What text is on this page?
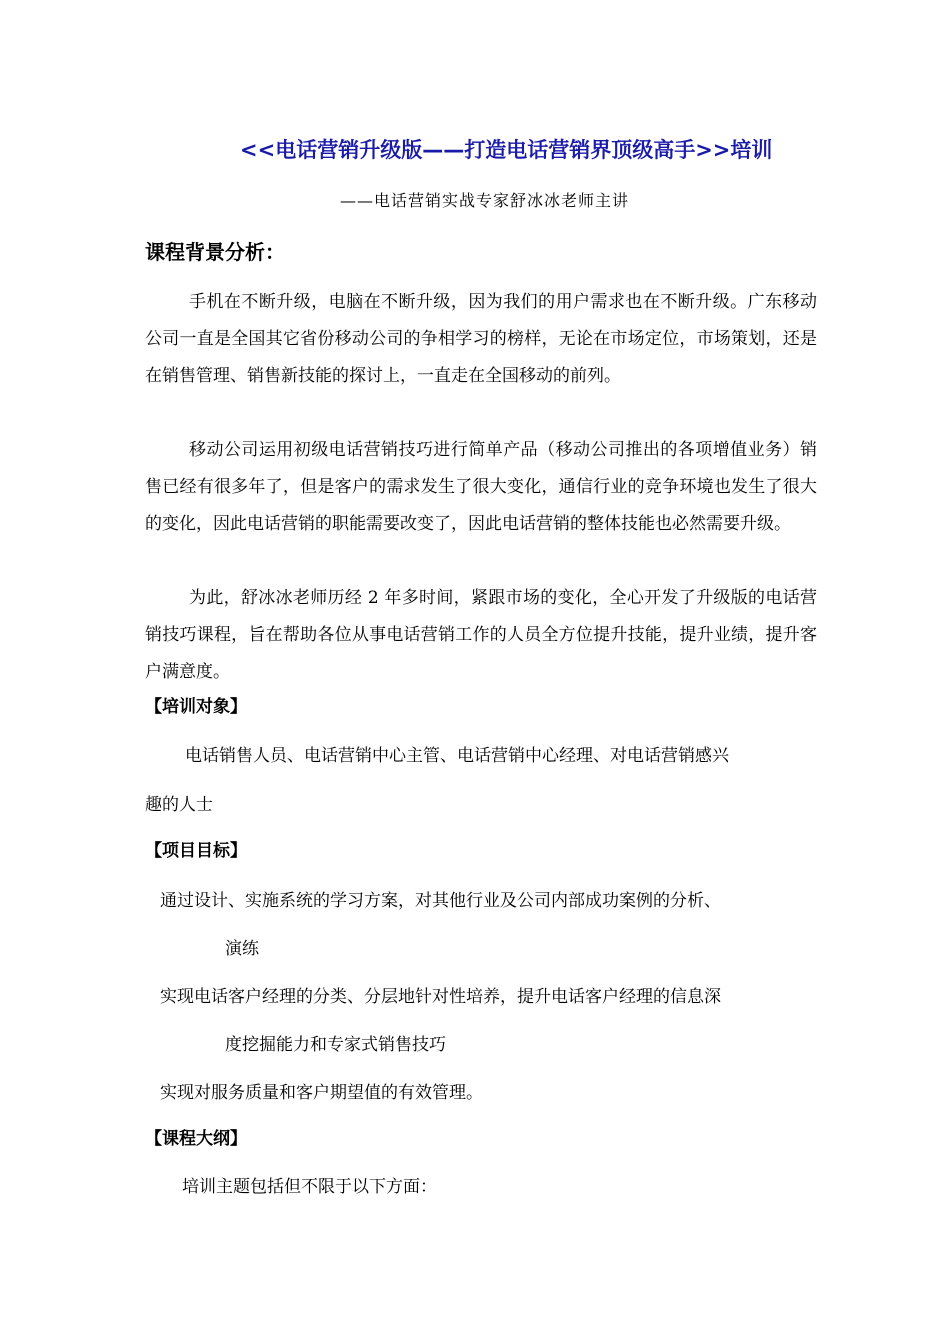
<<电话营销升级版——打造电话营销界顶级高手>>培训
——电话营销实战专家舒冰冰老师主讲
课程背景分析：
手机在不断升级，电脑在不断升级，因为我们的用户需求也在不断升级。广东移动公司一直是全国其它省份移动公司的争相学习的榜样，无论在市场定位，市场策划，还是在销售管理、销售新技能的探讨上，一直走在全国移动的前列。
移动公司运用初级电话营销技巧进行简单产品（移动公司推出的各项增值业务）销售已经有很多年了，但是客户的需求发生了很大变化，通信行业的竞争环境也发生了很大的变化，因此电话营销的职能需要改变了，因此电话营销的整体技能也必然需要升级。
为此，舒冰冰老师历经 2 年多时间，紧跟市场的变化，全心开发了升级版的电话营销技巧课程，旨在帮助各位从事电话营销工作的人员全方位提升技能，提升业绩，提升客户满意度。
【培训对象】
电话销售人员、电话营销中心主管、电话营销中心经理、对电话营销感兴
趣的人士
【项目目标】
通过设计、实施系统的学习方案，对其他行业及公司内部成功案例的分析、
演练
实现电话客户经理的分类、分层地针对性培养，提升电话客户经理的信息深
度挖掘能力和专家式销售技巧
实现对服务质量和客户期望值的有效管理。
【课程大纲】
培训主题包括但不限于以下方面：
